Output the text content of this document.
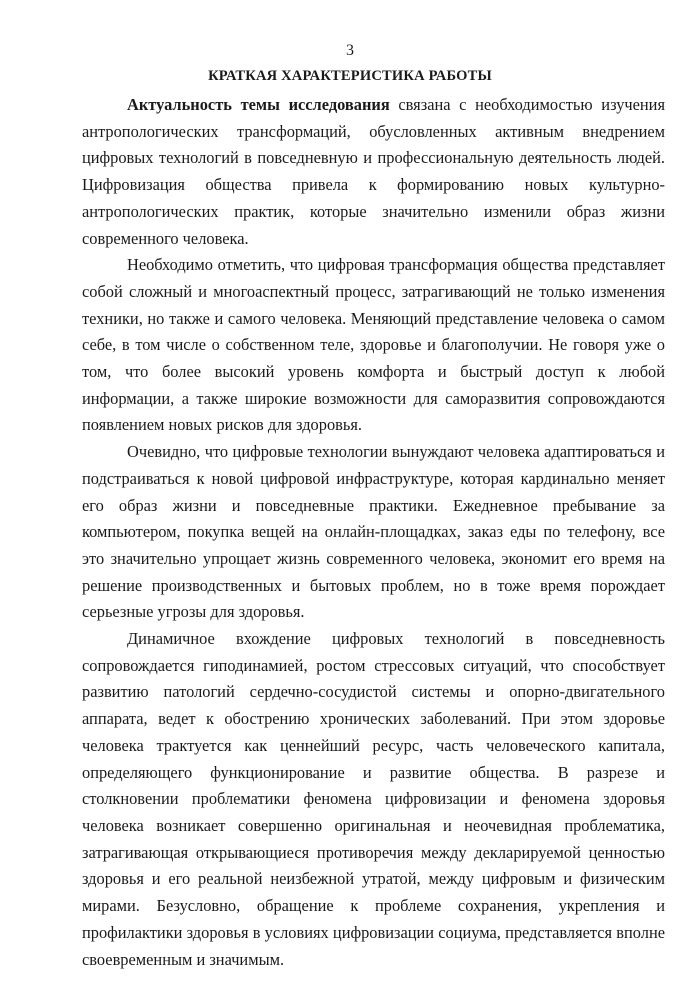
3
КРАТКАЯ ХАРАКТЕРИСТИКА РАБОТЫ

Актуальность темы исследования связана с необходимостью изучения антропологических трансформаций, обусловленных активным внедрением цифровых технологий в повседневную и профессиональную деятельность людей. Цифровизация общества привела к формированию новых культурно-антропологических практик, которые значительно изменили образ жизни современного человека.

Необходимо отметить, что цифровая трансформация общества представляет собой сложный и многоаспектный процесс, затрагивающий не только изменения техники, но также и самого человека. Меняющий представление человека о самом себе, в том числе о собственном теле, здоровье и благополучии. Не говоря уже о том, что более высокий уровень комфорта и быстрый доступ к любой информации, а также широкие возможности для саморазвития сопровождаются появлением новых рисков для здоровья.

Очевидно, что цифровые технологии вынуждают человека адаптироваться и подстраиваться к новой цифровой инфраструктуре, которая кардинально меняет его образ жизни и повседневные практики. Ежедневное пребывание за компьютером, покупка вещей на онлайн-площадках, заказ еды по телефону, все это значительно упрощает жизнь современного человека, экономит его время на решение производственных и бытовых проблем, но в тоже время порождает серьезные угрозы для здоровья.

Динамичное вхождение цифровых технологий в повседневность сопровождается гиподинамией, ростом стрессовых ситуаций, что способствует развитию патологий сердечно-сосудистой системы и опорно-двигательного аппарата, ведет к обострению хронических заболеваний. При этом здоровье человека трактуется как ценнейший ресурс, часть человеческого капитала, определяющего функционирование и развитие общества. В разрезе и столкновении проблематики феномена цифровизации и феномена здоровья человека возникает совершенно оригинальная и неочевидная проблематика, затрагивающая открывающиеся противоречия между декларируемой ценностью здоровья и его реальной неизбежной утратой, между цифровым и физическим мирами. Безусловно, обращение к проблеме сохранения, укрепления и профилактики здоровья в условиях цифровизации социума, представляется вполне своевременным и значимым.
